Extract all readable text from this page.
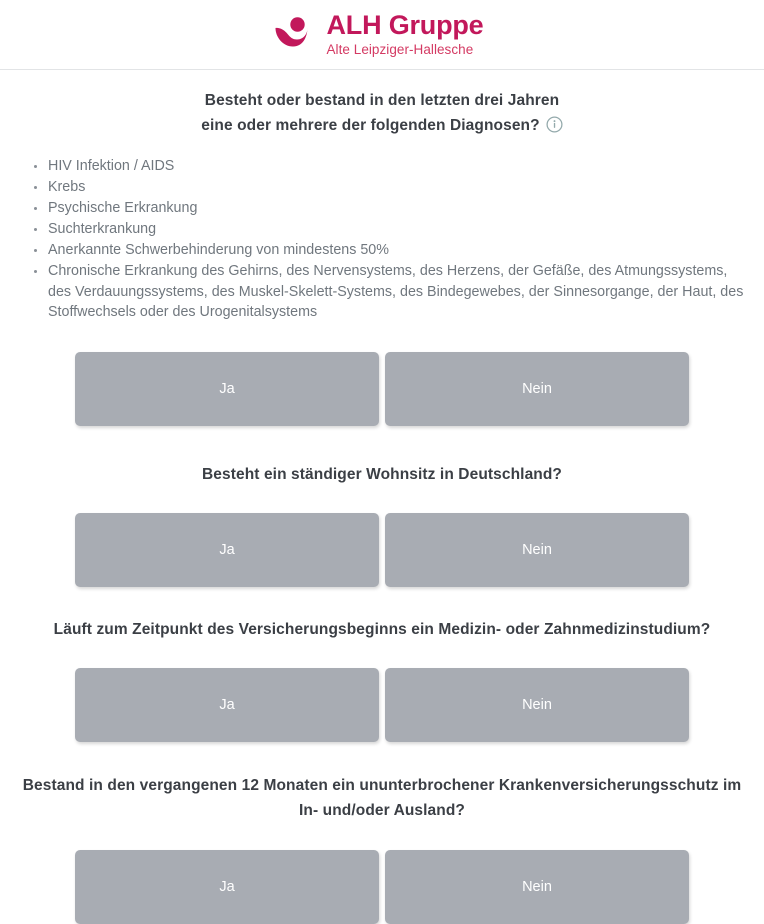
ALH Gruppe
Alte Leipziger-Hallesche
Besteht oder bestand in den letzten drei Jahren
eine oder mehrere der folgenden Diagnosen?
HIV Infektion / AIDS
Krebs
Psychische Erkrankung
Suchterkrankung
Anerkannte Schwerbehinderung von mindestens 50%
Chronische Erkrankung des Gehirns, des Nervensystems, des Herzens, der Gefäße, des Atmungssystems, des Verdauungssystems, des Muskel-Skelett-Systems, des Bindegewebes, der Sinnesorgange, der Haut, des Stoffwechsels oder des Urogenitalsystems
Ja	Nein
Besteht ein ständiger Wohnsitz in Deutschland?
Ja	Nein
Läuft zum Zeitpunkt des Versicherungsbeginns ein Medizin- oder Zahnmedizinstudium?
Ja	Nein
Bestand in den vergangenen 12 Monaten ein ununterbrochener Krankenversicherungsschutz im In- und/oder Ausland?
Ja	Nein
